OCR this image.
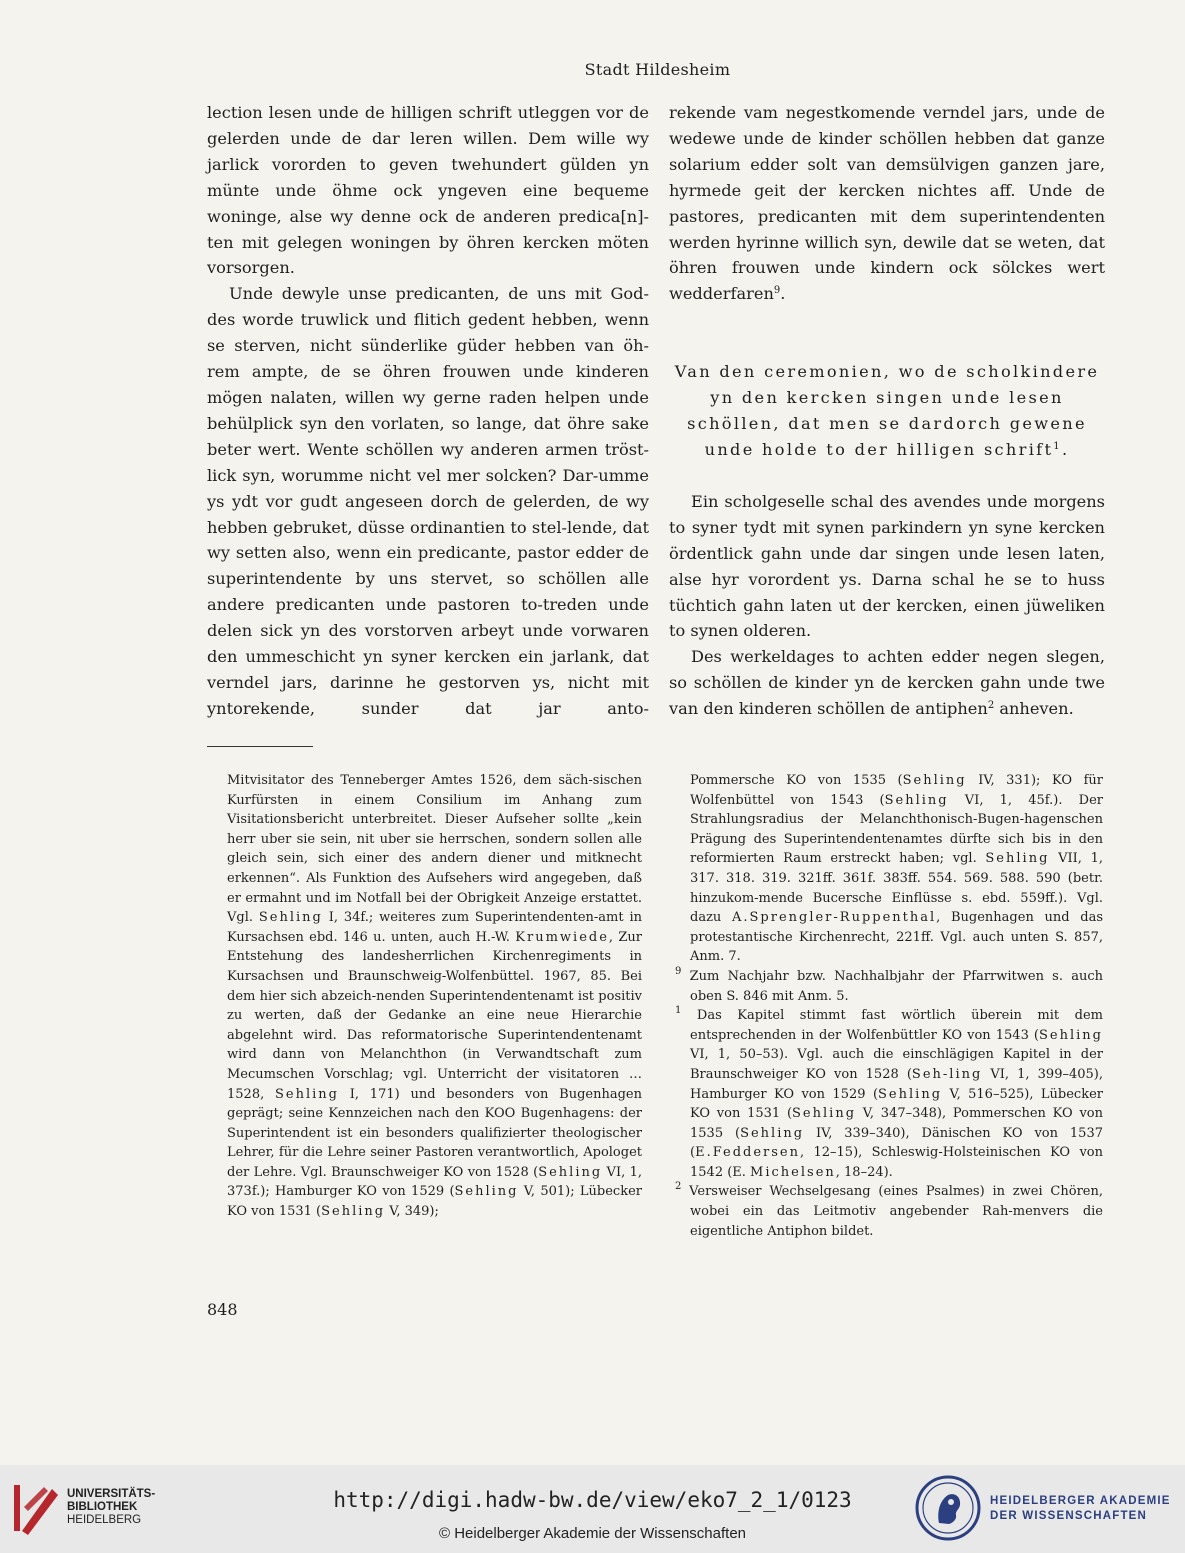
Stadt Hildesheim

lection lesen unde de hilligen schrift utleggen vor de gelerden unde de dar leren willen. Dem wille wy jarlick vororden to geven twehundert gülden yn münte unde öhme ock yngeven eine bequeme woninge, alse wy denne ock de anderen predica[n]-ten mit gelegen woningen by öhren kercken möten vorsorgen.

Unde dewyle unse predicanten, de uns mit God-des worde truwlick und flitich gedent hebben, wenn se sterven, nicht sünderlike güder hebben van öh-rem ampte, de se öhren frouwen unde kinderen mögen nalaten, willen wy gerne raden helpen unde behülplick syn den vorlaten, so lange, dat öhre sake beter wert. Wente schöllen wy anderen armen tröst-lick syn, worumme nicht vel mer solcken? Dar-umme ys ydt vor gudt angeseen dorch de gelerden, de wy hebben gebruket, düsse ordinantien to stel-lende, dat wy setten also, wenn ein predicante, pastor edder de superintendente by uns stervet, so schöllen alle andere predicanten unde pastoren to-treden unde delen sick yn des vorstorven arbeyt unde vorwaren den ummeschicht yn syner kercken ein jarlank, dat verndel jars, darinne he gestorven ys, nicht mit yntorekende, sunder dat jar anto-

rekende vam negestkomende verndel jars, unde de wedewe unde de kinder schöllen hebben dat ganze solarium edder solt van demsülvigen ganzen jare, hyrmede geit der kercken nichtes aff. Unde de pastores, predicanten mit dem superintendenten werden hyrinne willich syn, dewile dat se weten, dat öhren frouwen unde kindern ock sölckes wert wedderfaren$^9$.

Van den ceremonien, wo de scholkindere yn den kercken singen unde lesen schöllen, dat men se dardorch gewene unde holde to der hilligen schrift$^1$.

Ein scholgeselle schal des avendes unde morgens to syner tydt mit synen parkindern yn syne kercken ördentlick gahn unde dar singen unde lesen laten, alse hyr vorordent ys. Darna schal he se to huss tüchtich gahn laten ut der kercken, einen jüweliken to synen olderen.

Des werkeldages to achten edder negen slegen, so schöllen de kinder yn de kercken gahn unde twe van den kinderen schöllen de antiphen$^2$ anheven.

Mitvisitator des Tenneberger Amtes 1526, dem säch-sischen Kurfürsten in einem Consilium im Anhang zum Visitationsbericht unterbreitet. Dieser Aufseher sollte „kein herr uber sie sein, nit uber sie herrschen, sondern sollen alle gleich sein, sich einer des andern diener und mitknecht erkennen“. Als Funktion des Aufsehers wird angegeben, daß er ermahnt und im Notfall bei der Obrigkeit Anzeige erstattet. Vgl. Sehling I, 34f.; weiteres zum Superintendenten-amt in Kursachsen ebd. 146 u. unten, auch H.-W. Krumwiede, Zur Entstehung des landesherrlichen Kirchenregiments in Kursachsen und Braunschweig-Wolfenbüttel. 1967, 85. Bei dem hier sich abzeich-nenden Superintendentenamt ist positiv zu werten, daß der Gedanke an eine neue Hierarchie abgelehnt wird. Das reformatorische Superintendentenamt wird dann von Melanchthon (in Verwandtschaft zum Mecumschen Vorschlag; vgl. Unterricht der visitatoren … 1528, Sehling I, 171) und besonders von Bugenhagen geprägt; seine Kennzeichen nach den KOO Bugenhagens: der Superintendent ist ein besonders qualifizierter theologischer Lehrer, für die Lehre seiner Pastoren verantwortlich, Apologet der Lehre. Vgl. Braunschweiger KO von 1528 (Sehling VI, 1, 373f.); Hamburger KO von 1529 (Sehling V, 501); Lübecker KO von 1531 (Sehling V, 349);

Pommersche KO von 1535 (Sehling IV, 331); KO für Wolfenbüttel von 1543 (Sehling VI, 1, 45f.). Der Strahlungsradius der Melanchthonisch-Bugen-hagenschen Prägung des Superintendentenamtes dürfte sich bis in den reformierten Raum erstreckt haben; vgl. Sehling VII, 1, 317. 318. 319. 321ff. 361f. 383ff. 554. 569. 588. 590 (betr. hinzukom-mende Bucersche Einflüsse s. ebd. 559ff.). Vgl. dazu A.Sprengler-Ruppenthal, Bugenhagen und das protestantische Kirchenrecht, 221ff. Vgl. auch unten S. 857, Anm. 7.

$^9$ Zum Nachjahr bzw. Nachhalbjahr der Pfarrwitwen s. auch oben S. 846 mit Anm. 5.

$^1$ Das Kapitel stimmt fast wörtlich überein mit dem entsprechenden in der Wolfenbüttler KO von 1543 (Sehling VI, 1, 50–53). Vgl. auch die einschlägigen Kapitel in der Braunschweiger KO von 1528 (Seh-ling VI, 1, 399–405), Hamburger KO von 1529 (Sehling V, 516–525), Lübecker KO von 1531 (Sehling V, 347–348), Pommerschen KO von 1535 (Sehling IV, 339–340), Dänischen KO von 1537 (E.Feddersen, 12–15), Schleswig-Holsteinischen KO von 1542 (E. Michelsen, 18–24).

$^2$ Versweiser Wechselgesang (eines Psalmes) in zwei Chören, wobei ein das Leitmotiv angebender Rah-menvers die eigentliche Antiphon bildet.

848
UNIVERSITÄTS-
BIBLIOTHEK
HEIDELBERG
http://digi.hadw-bw.de/view/eko7_2_1/0123
© Heidelberger Akademie der Wissenschaften
HEIDELBERGER AKADEMIE
DER WISSENSCHAFTEN
